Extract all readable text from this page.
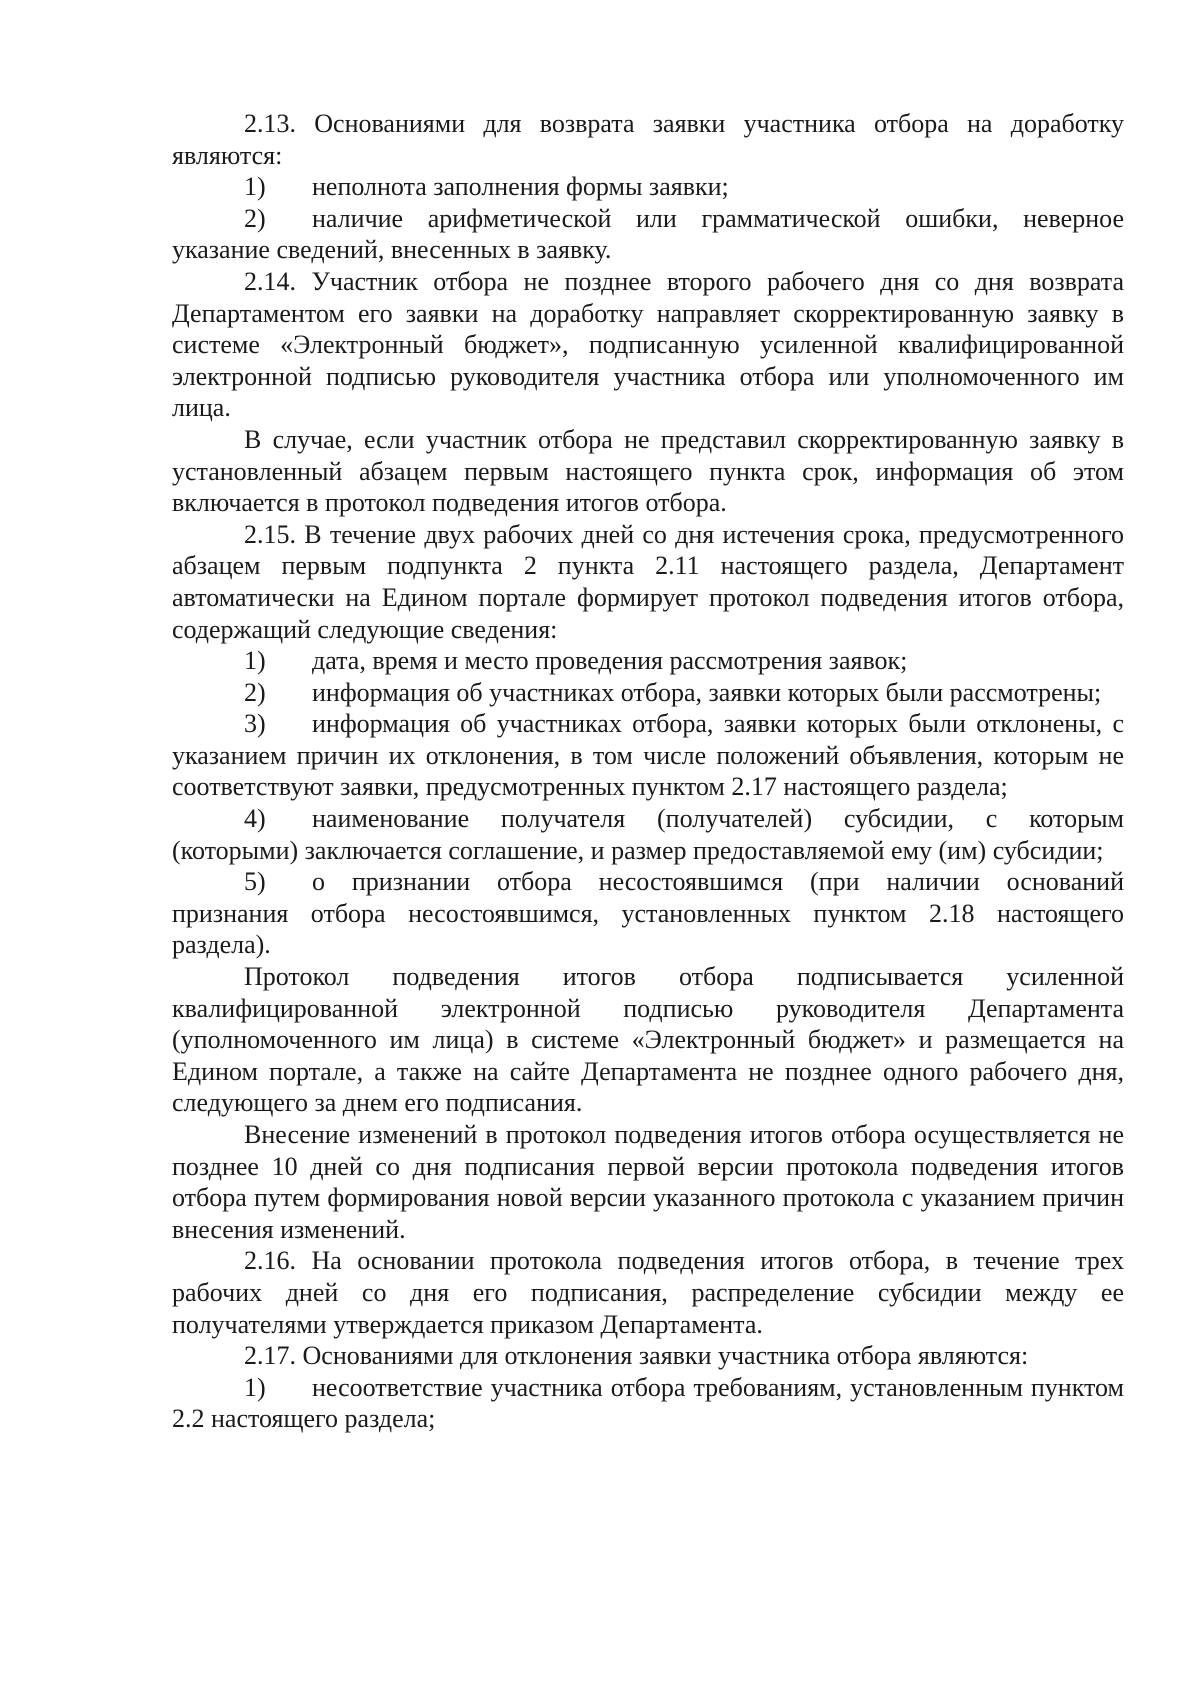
2.13. Основаниями для возврата заявки участника отбора на доработку являются:

1) неполнота заполнения формы заявки;

2) наличие арифметической или грамматической ошибки, неверное указание сведений, внесенных в заявку.

2.14. Участник отбора не позднее второго рабочего дня со дня возврата Департаментом его заявки на доработку направляет скорректированную заявку в системе «Электронный бюджет», подписанную усиленной квалифицированной электронной подписью руководителя участника отбора или уполномоченного им лица.

В случае, если участник отбора не представил скорректированную заявку в установленный абзацем первым настоящего пункта срок, информация об этом включается в протокол подведения итогов отбора.

2.15. В течение двух рабочих дней со дня истечения срока, предусмотренного абзацем первым подпункта 2 пункта 2.11 настоящего раздела, Департамент автоматически на Едином портале формирует протокол подведения итогов отбора, содержащий следующие сведения:

1) дата, время и место проведения рассмотрения заявок;

2) информация об участниках отбора, заявки которых были рассмотрены;

3) информация об участниках отбора, заявки которых были отклонены, с указанием причин их отклонения, в том числе положений объявления, которым не соответствуют заявки, предусмотренных пунктом 2.17 настоящего раздела;

4) наименование получателя (получателей) субсидии, с которым (которыми) заключается соглашение, и размер предоставляемой ему (им) субсидии;

5) о признании отбора несостоявшимся (при наличии оснований признания отбора несостоявшимся, установленных пунктом 2.18 настоящего раздела).

Протокол подведения итогов отбора подписывается усиленной квалифицированной электронной подписью руководителя Департамента (уполномоченного им лица) в системе «Электронный бюджет» и размещается на Едином портале, а также на сайте Департамента не позднее одного рабочего дня, следующего за днем его подписания.

Внесение изменений в протокол подведения итогов отбора осуществляется не позднее 10 дней со дня подписания первой версии протокола подведения итогов отбора путем формирования новой версии указанного протокола с указанием причин внесения изменений.

2.16. На основании протокола подведения итогов отбора, в течение трех рабочих дней со дня его подписания, распределение субсидии между ее получателями утверждается приказом Департамента.

2.17. Основаниями для отклонения заявки участника отбора являются:

1) несоответствие участника отбора требованиям, установленным пунктом 2.2 настоящего раздела;
